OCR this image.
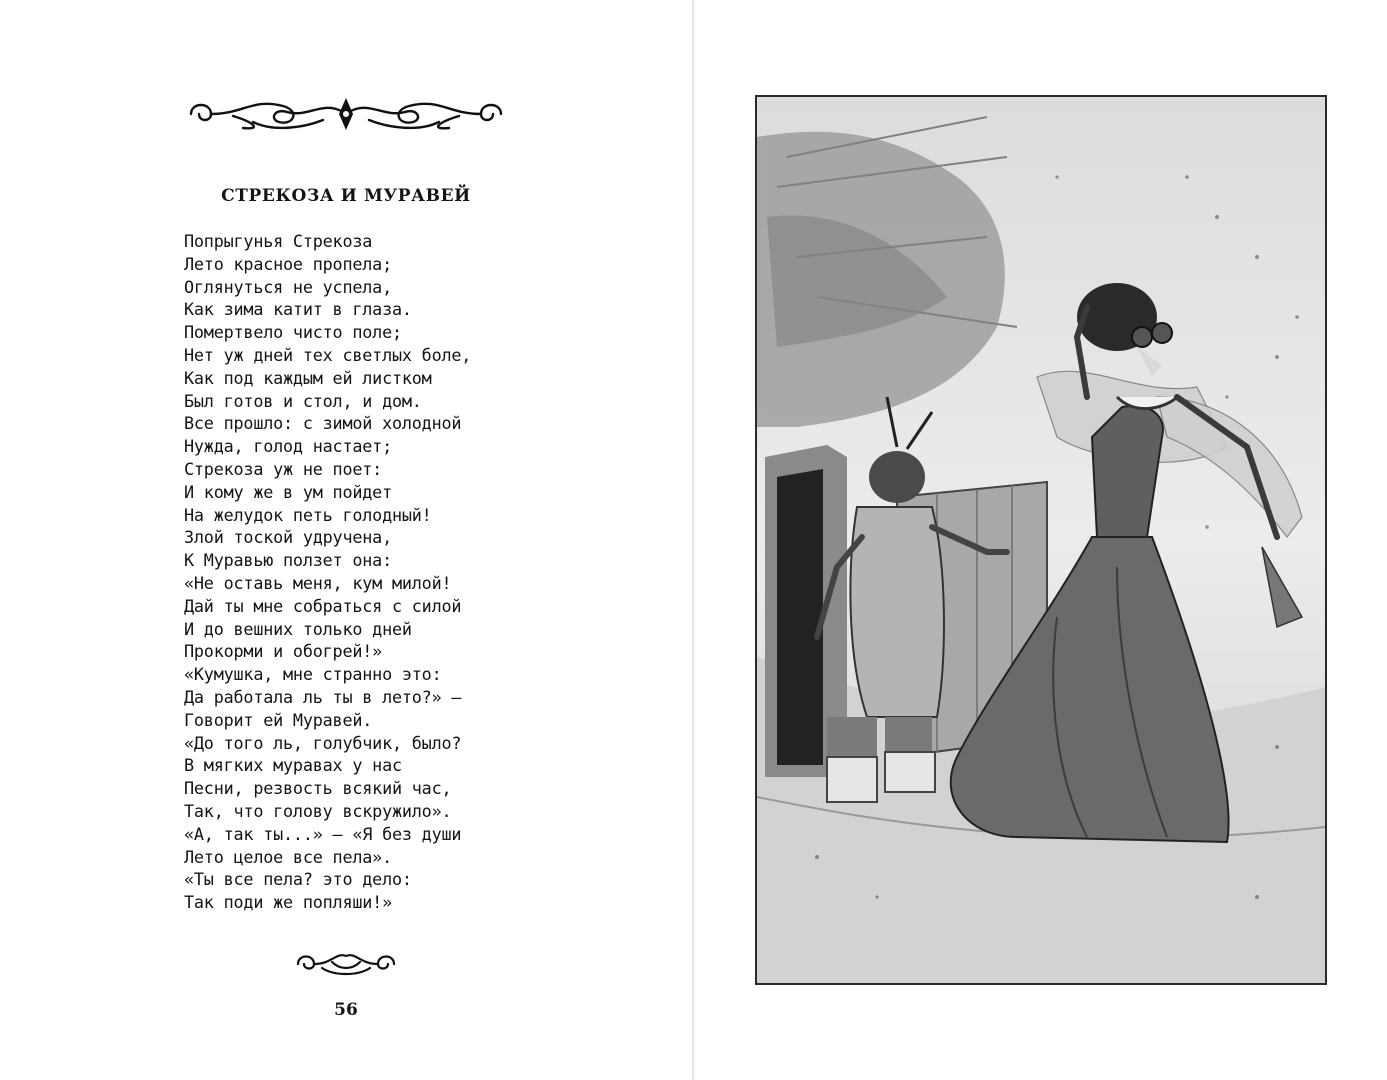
СТРЕКОЗА И МУРАВЕЙ
Попрыгунья Стрекоза
Лето красное пропела;
Оглянуться не успела,
Как зима катит в глаза.
Помертвело чисто поле;
Нет уж дней тех светлых боле,
Как под каждым ей листком
Был готов и стол, и дом.
Все прошло: с зимой холодной
Нужда, голод настает;
Стрекоза уж не поет:
И кому же в ум пойдет
На желудок петь голодный!
Злой тоской удручена,
К Муравью ползет она:
«Не оставь меня, кум милой!
Дай ты мне собраться с силой
И до вешних только дней
Прокорми и обогрей!»
«Кумушка, мне странно это:
Да работала ль ты в лето?» —
Говорит ей Муравей.
«До того ль, голубчик, было?
В мягких муравах у нас
Песни, резвость всякий час,
Так, что голову вскружило».
«А, так ты...» — «Я без души
Лето целое все пела».
«Ты все пела? это дело:
Так поди же попляши!»
56
